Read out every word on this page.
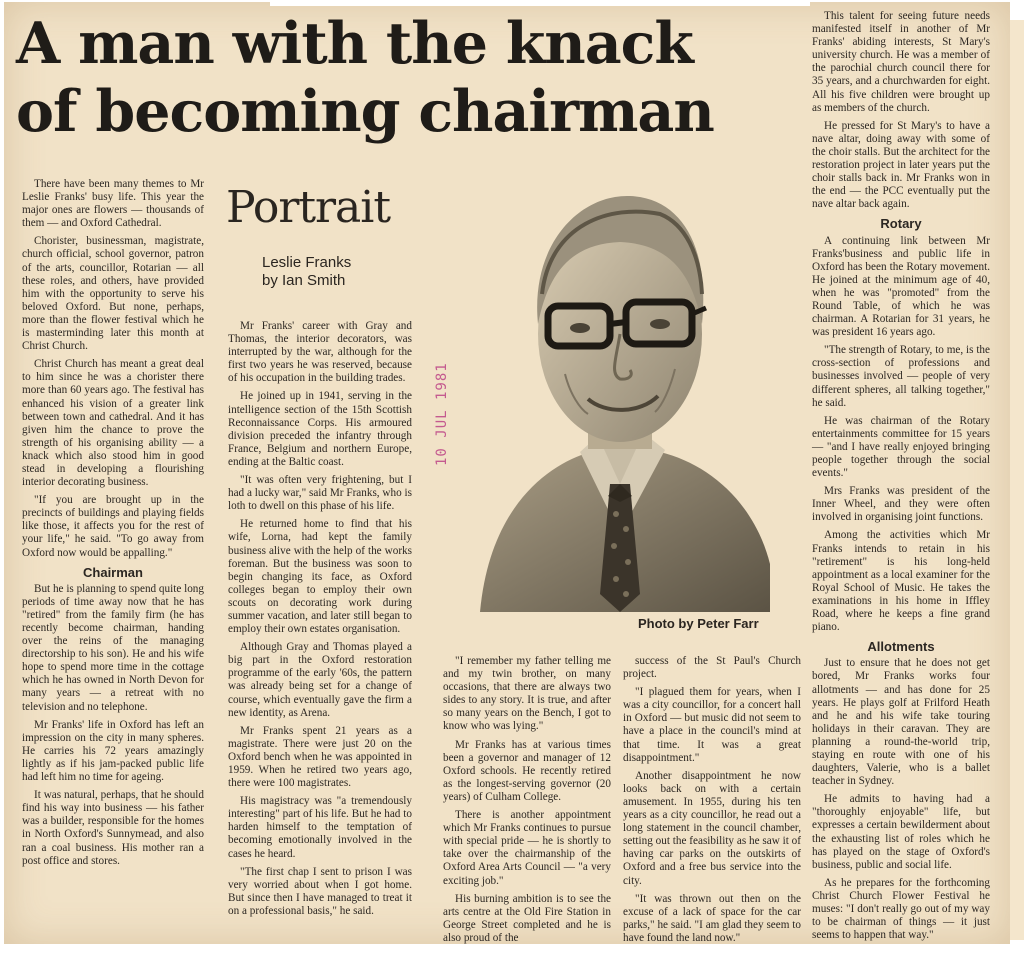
A man with the knack
of becoming chairman
Portrait
Leslie Franks
by Ian Smith
10 JUL 1981
Photo by Peter Farr

There have been many themes to Mr Leslie Franks' busy life. This year the major ones are flowers — thousands of them — and Oxford Cathedral.

Chorister, businessman, magistrate, church official, school governor, patron of the arts, councillor, Rotarian — all these roles, and others, have provided him with the opportunity to serve his beloved Oxford. But none, perhaps, more than the flower festival which he is masterminding later this month at Christ Church.

Christ Church has meant a great deal to him since he was a chorister there more than 60 years ago. The festival has enhanced his vision of a greater link between town and cathedral. And it has given him the chance to prove the strength of his organising ability — a knack which also stood him in good stead in developing a flourishing interior decorating business.

"If you are brought up in the precincts of buildings and playing fields like those, it affects you for the rest of your life," he said. "To go away from Oxford now would be appalling."

Chairman

But he is planning to spend quite long periods of time away now that he has "retired" from the family firm (he has recently become chairman, handing over the reins of the managing directorship to his son). He and his wife hope to spend more time in the cottage which he has owned in North Devon for many years — a retreat with no television and no telephone.

Mr Franks' life in Oxford has left an impression on the city in many spheres. He carries his 72 years amazingly lightly as if his jam-packed public life had left him no time for ageing.

It was natural, perhaps, that he should find his way into business — his father was a builder, responsible for the homes in North Oxford's Sunnymead, and also ran a coal business. His mother ran a post office and stores.

Mr Franks' career with Gray and Thomas, the interior decorators, was interrupted by the war, although for the first two years he was reserved, because of his occupation in the building trades.

He joined up in 1941, serving in the intelligence section of the 15th Scottish Reconnaissance Corps. His armoured division preceded the infantry through France, Belgium and northern Europe, ending at the Baltic coast.

"It was often very frightening, but I had a lucky war," said Mr Franks, who is loth to dwell on this phase of his life.

He returned home to find that his wife, Lorna, had kept the family business alive with the help of the works foreman. But the business was soon to begin changing its face, as Oxford colleges began to employ their own scouts on decorating work during summer vacation, and later still began to employ their own estates organisation.

Although Gray and Thomas played a big part in the Oxford restoration programme of the early '60s, the pattern was already being set for a change of course, which eventually gave the firm a new identity, as Arena.

Mr Franks spent 21 years as a magistrate. There were just 20 on the Oxford bench when he was appointed in 1959. When he retired two years ago, there were 100 magistrates.

His magistracy was "a tremendously interesting" part of his life. But he had to harden himself to the temptation of becoming emotionally involved in the cases he heard.

"The first chap I sent to prison I was very worried about when I got home. But since then I have managed to treat it on a professional basis," he said.

"I remember my father telling me and my twin brother, on many occasions, that there are always two sides to any story. It is true, and after so many years on the Bench, I got to know who was lying."

Mr Franks has at various times been a governor and manager of 12 Oxford schools. He recently retired as the longest-serving governor (20 years) of Culham College.

There is another appointment which Mr Franks continues to pursue with special pride — he is shortly to take over the chairmanship of the Oxford Area Arts Council — "a very exciting job."

His burning ambition is to see the arts centre at the Old Fire Station in George Street completed and he is also proud of the

success of the St Paul's Church project.

"I plagued them for years, when I was a city councillor, for a concert hall in Oxford — but music did not seem to have a place in the council's mind at that time. It was a great disappointment."

Another disappointment he now looks back on with a certain amusement. In 1955, during his ten years as a city councillor, he read out a long statement in the council chamber, setting out the feasibility as he saw it of having car parks on the outskirts of Oxford and a free bus service into the city.

"It was thrown out then on the excuse of a lack of space for the car parks," he said. "I am glad they seem to have found the land now."

This talent for seeing future needs manifested itself in another of Mr Franks' abiding interests, St Mary's university church. He was a member of the parochial church council there for 35 years, and a churchwarden for eight. All his five children were brought up as members of the church.

He pressed for St Mary's to have a nave altar, doing away with some of the choir stalls. But the architect for the restoration project in later years put the choir stalls back in. Mr Franks won in the end — the PCC eventually put the nave altar back again.

Rotary

A continuing link between Mr Franks'business and public life in Oxford has been the Rotary movement. He joined at the minimum age of 40, when he was "promoted" from the Round Table, of which he was chairman. A Rotarian for 31 years, he was president 16 years ago.

"The strength of Rotary, to me, is the cross-section of professions and businesses involved — people of very different spheres, all talking together," he said.

He was chairman of the Rotary entertainments committee for 15 years — "and I have really enjoyed bringing people together through the social events."

Mrs Franks was president of the Inner Wheel, and they were often involved in organising joint functions.

Among the activities which Mr Franks intends to retain in his "retirement" is his long-held appointment as a local examiner for the Royal School of Music. He takes the examinations in his home in Iffley Road, where he keeps a fine grand piano.

Allotments

Just to ensure that he does not get bored, Mr Franks works four allotments — and has done for 25 years. He plays golf at Frilford Heath and he and his wife take touring holidays in their caravan. They are planning a round-the-world trip, staying en route with one of his daughters, Valerie, who is a ballet teacher in Sydney.

He admits to having had a "thoroughly enjoyable" life, but expresses a certain bewilderment about the exhausting list of roles which he has played on the stage of Oxford's business, public and social life.

As he prepares for the forthcoming Christ Church Flower Festival he muses: "I don't really go out of my way to be chairman of things — it just seems to happen that way."
